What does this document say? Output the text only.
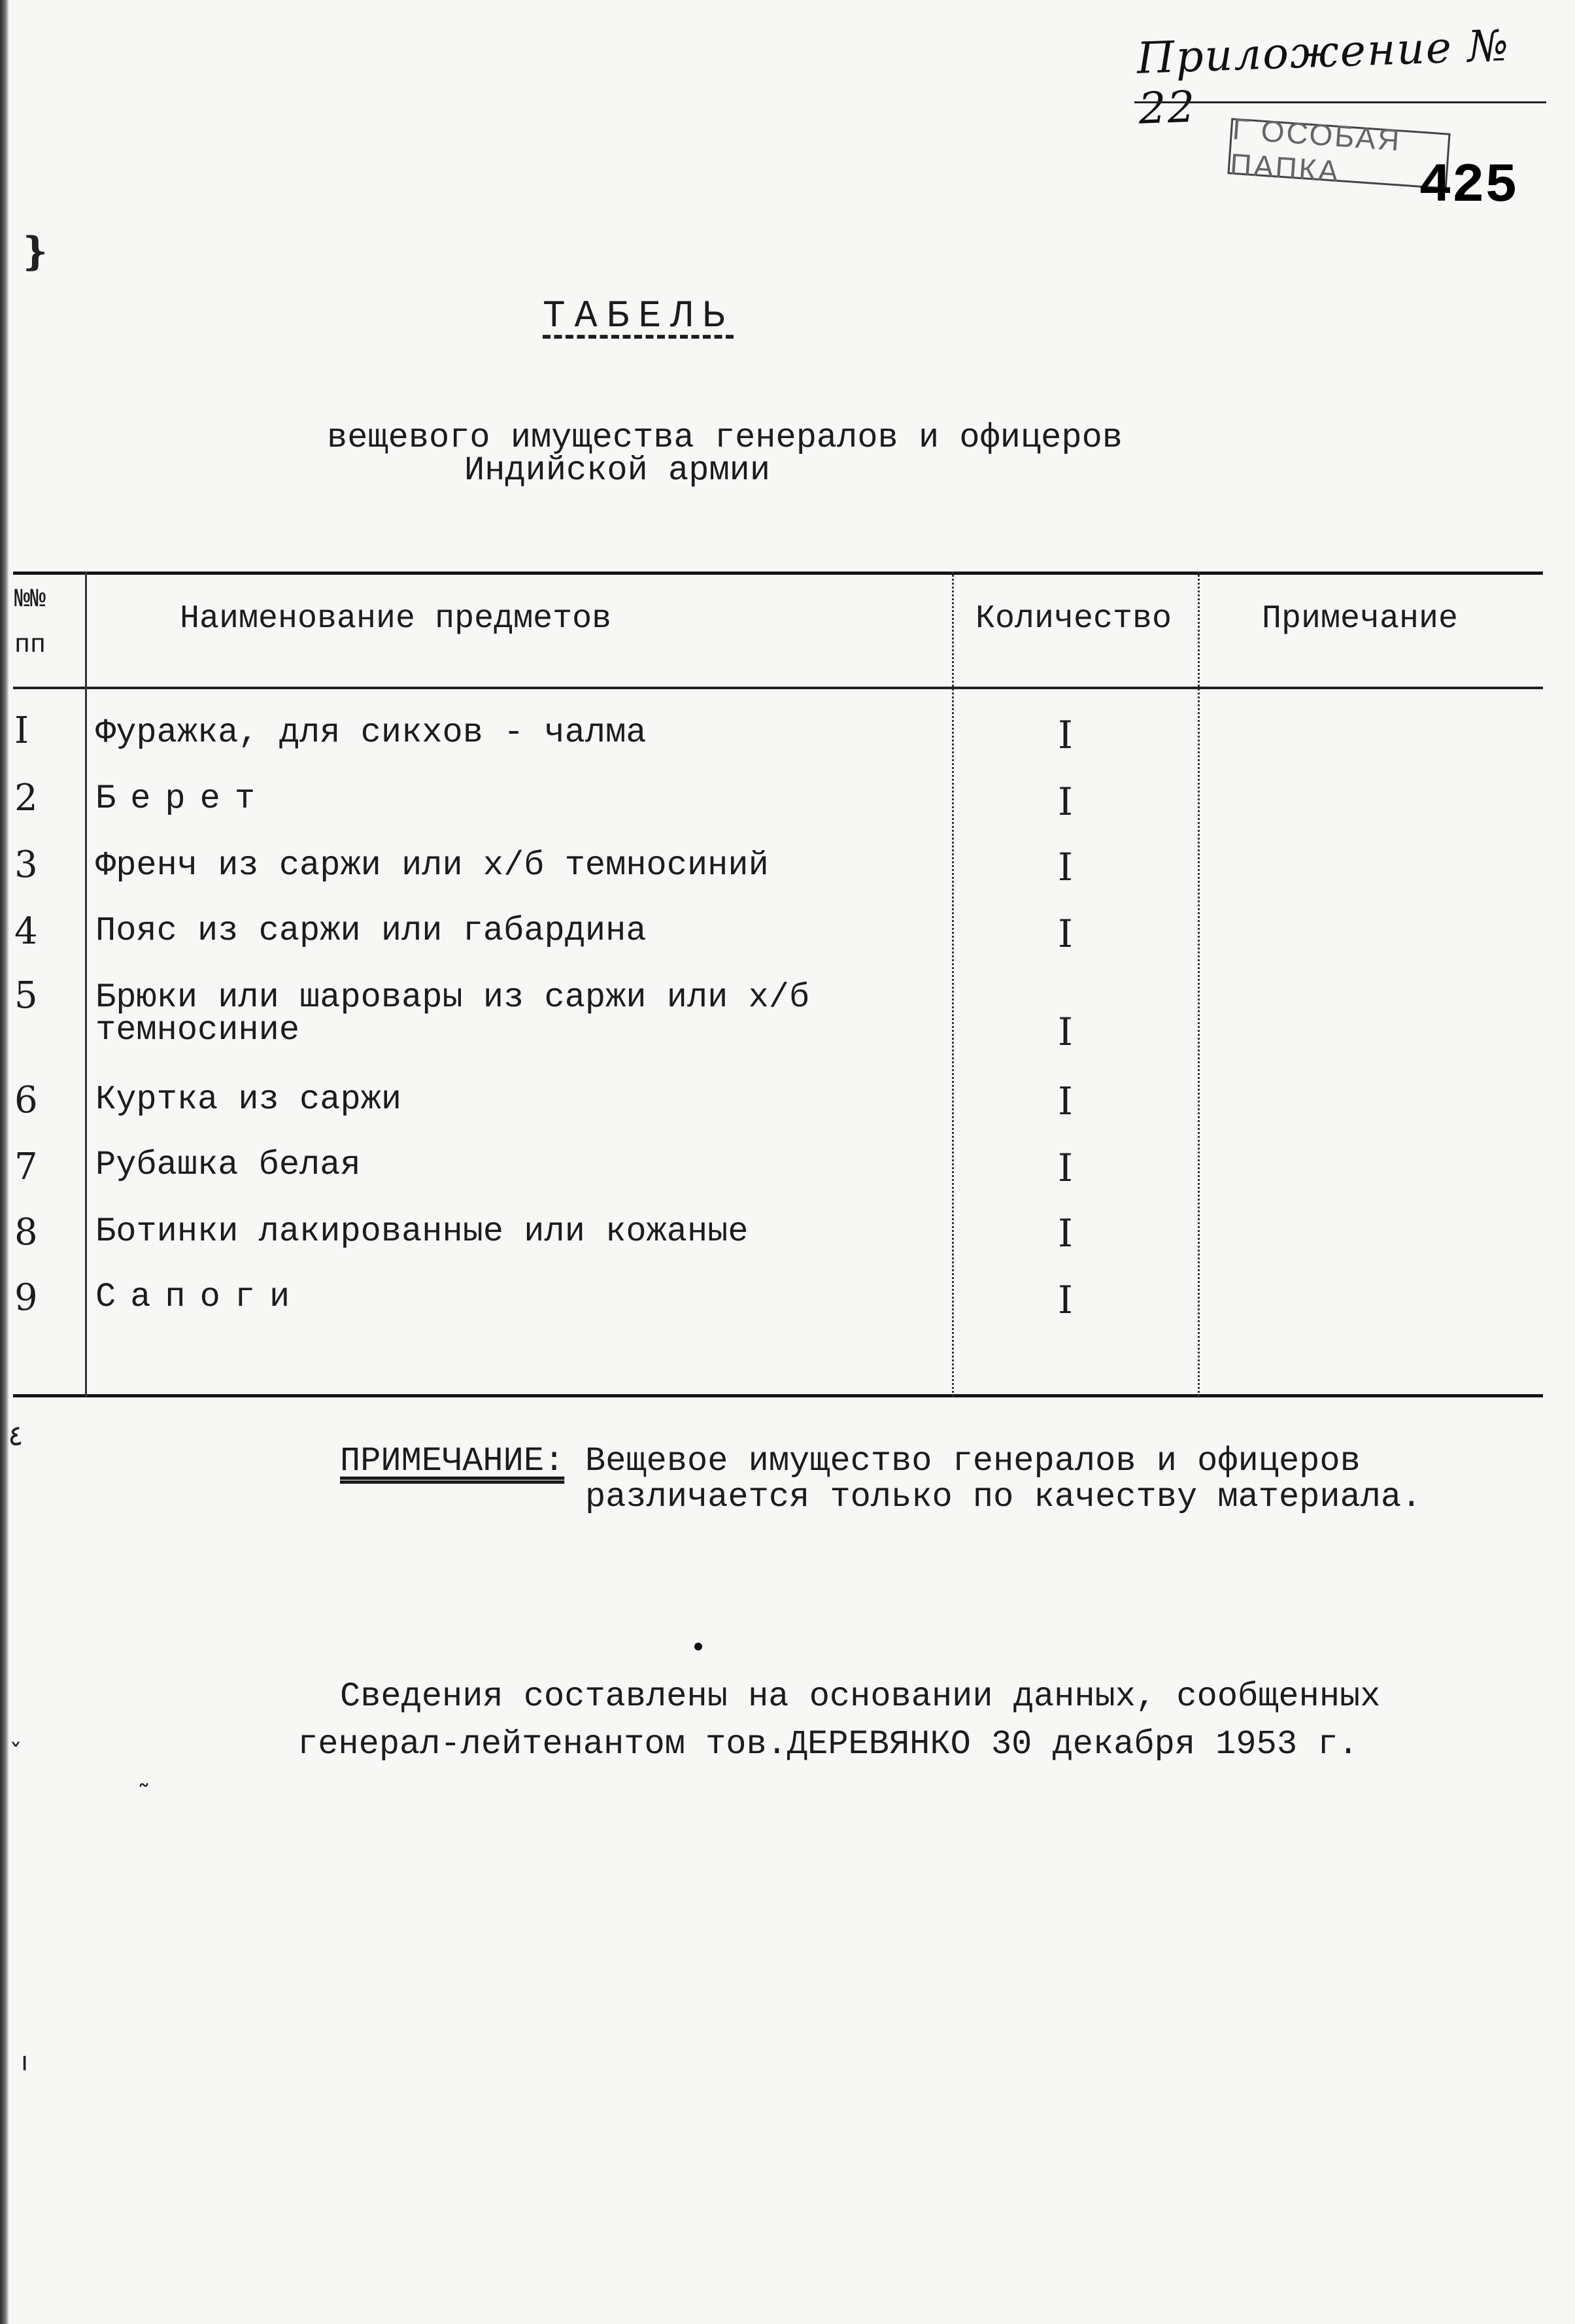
Приложение № 22
Г ОСОБАЯ ПАПКА	425
ТАБЕЛЬ
вещевого имущества генералов и офицеров
Индийской армии
№№
пп
Наименование предметов	Количество	Примечание
I Фуражка, для сикхов - чалма	I
2 Берет	I
3 Френч из саржи или х/б темносиний	I
4 Пояс из саржи или габардина	I
5 Брюки или шаровары из саржи или х/б
темносиние	I
6 Куртка из саржи	I
7 Рубашка белая	I
8 Ботинки лакированные или кожаные	I
9 Сапоги	I
ПРИМЕЧАНИЕ: Вещевое имущество генералов и офицеров
различается только по качеству материала.
Сведения составлены на основании данных, сообщенных
генерал-лейтенантом тов.ДЕРЕВЯНКО 30 декабря 1953 г.
❵
٤
ˇ
˜
ı
